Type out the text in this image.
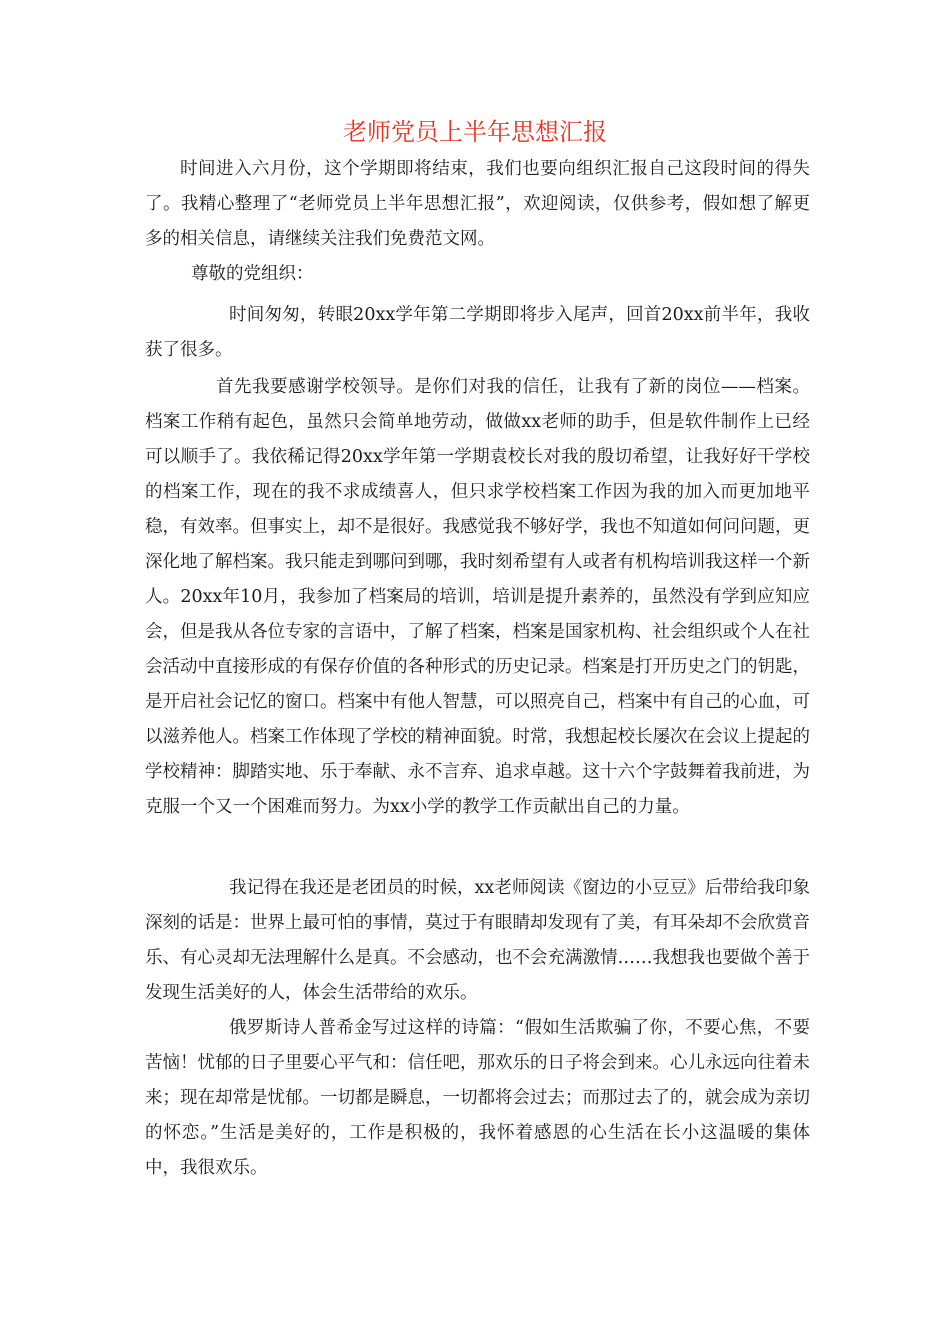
老师党员上半年思想汇报

时间进入六月份，这个学期即将结束，我们也要向组织汇报自己这段时间的得失了。我精心整理了“老师党员上半年思想汇报”，欢迎阅读，仅供参考，假如想了解更多的相关信息，请继续关注我们免费范文网。

尊敬的党组织：

时间匆匆，转眼20xx学年第二学期即将步入尾声，回首20xx前半年，我收获了很多。

首先我要感谢学校领导。是你们对我的信任，让我有了新的岗位——档案。档案工作稍有起色，虽然只会简单地劳动，做做xx老师的助手，但是软件制作上已经可以顺手了。我依稀记得20xx学年第一学期袁校长对我的殷切希望，让我好好干学校的档案工作，现在的我不求成绩喜人，但只求学校档案工作因为我的加入而更加地平稳，有效率。但事实上，却不是很好。我感觉我不够好学，我也不知道如何问问题，更深化地了解档案。我只能走到哪问到哪，我时刻希望有人或者有机构培训我这样一个新人。20xx年10月，我参加了档案局的培训，培训是提升素养的，虽然没有学到应知应会，但是我从各位专家的言语中，了解了档案，档案是国家机构、社会组织或个人在社会活动中直接形成的有保存价值的各种形式的历史记录。档案是打开历史之门的钥匙，是开启社会记忆的窗口。档案中有他人智慧，可以照亮自己，档案中有自己的心血，可以滋养他人。档案工作体现了学校的精神面貌。时常，我想起校长屡次在会议上提起的学校精神：脚踏实地、乐于奉献、永不言弃、追求卓越。这十六个字鼓舞着我前进，为克服一个又一个困难而努力。为xx小学的教学工作贡献出自己的力量。

我记得在我还是老团员的时候，xx老师阅读《窗边的小豆豆》后带给我印象深刻的话是：世界上最可怕的事情，莫过于有眼睛却发现有了美，有耳朵却不会欣赏音乐、有心灵却无法理解什么是真。不会感动，也不会充满激情……我想我也要做个善于发现生活美好的人，体会生活带给的欢乐。

俄罗斯诗人普希金写过这样的诗篇：“假如生活欺骗了你，不要心焦，不要苦恼！忧郁的日子里要心平气和：信任吧，那欢乐的日子将会到来。心儿永远向往着未来；现在却常是忧郁。一切都是瞬息，一切都将会过去；而那过去了的，就会成为亲切的怀恋。”生活是美好的，工作是积极的，我怀着感恩的心生活在长小这温暖的集体中，我很欢乐。
